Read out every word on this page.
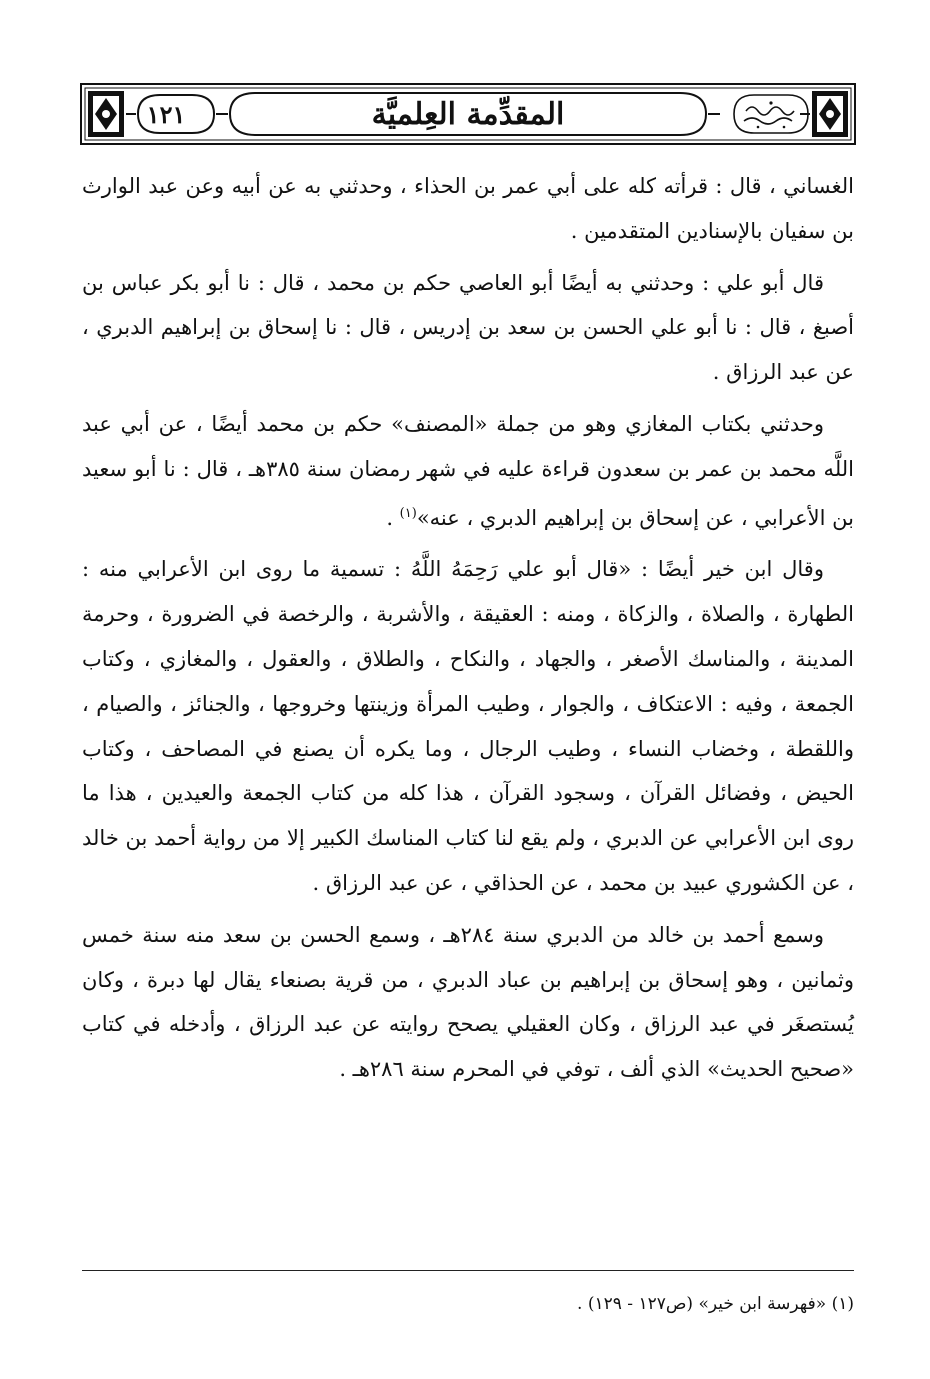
١٢١	المقدِّمة العِلميَّة

الغساني ، قال : قرأته كله على أبي عمر بن الحذاء ، وحدثني به عن أبيه وعن عبد الوارث بن سفيان بالإسنادين المتقدمين .

قال أبو علي : وحدثني به أيضًا أبو العاصي حكم بن محمد ، قال : نا أبو بكر عباس بن أصبغ ، قال : نا أبو علي الحسن بن سعد بن إدريس ، قال : نا إسحاق بن إبراهيم الدبري ، عن عبد الرزاق .

وحدثني بكتاب المغازي وهو من جملة «المصنف» حكم بن محمد أيضًا ، عن أبي عبد اللَّه محمد بن عمر بن سعدون قراءة عليه في شهر رمضان سنة ٣٨٥هـ ، قال : نا أبو سعيد بن الأعرابي ، عن إسحاق بن إبراهيم الدبري ، عنه»$^{(١)}$ .

وقال ابن خير أيضًا : «قال أبو علي رَحِمَهُ اللَّهُ : تسمية ما روى ابن الأعرابي منه : الطهارة ، والصلاة ، والزكاة ، ومنه : العقيقة ، والأشربة ، والرخصة في الضرورة ، وحرمة المدينة ، والمناسك الأصغر ، والجهاد ، والنكاح ، والطلاق ، والعقول ، والمغازي ، وكتاب الجمعة ، وفيه : الاعتكاف ، والجوار ، وطيب المرأة وزينتها وخروجها ، والجنائز ، والصيام ، واللقطة ، وخضاب النساء ، وطيب الرجال ، وما يكره أن يصنع في المصاحف ، وكتاب الحيض ، وفضائل القرآن ، وسجود القرآن ، هذا كله من كتاب الجمعة والعيدين ، هذا ما روى ابن الأعرابي عن الدبري ، ولم يقع لنا كتاب المناسك الكبير إلا من رواية أحمد بن خالد ، عن الكشوري عبيد بن محمد ، عن الحذاقي ، عن عبد الرزاق .

وسمع أحمد بن خالد من الدبري سنة ٢٨٤هـ ، وسمع الحسن بن سعد منه سنة خمس وثمانين ، وهو إسحاق بن إبراهيم بن عباد الدبري ، من قرية بصنعاء يقال لها دبرة ، وكان يُستصغَر في عبد الرزاق ، وكان العقيلي يصحح روايته عن عبد الرزاق ، وأدخله في كتاب «صحيح الحديث» الذي ألف ، توفي في المحرم سنة ٢٨٦هـ .

(١) «فهرسة ابن خير» (ص١٢٧ - ١٢٩) .
